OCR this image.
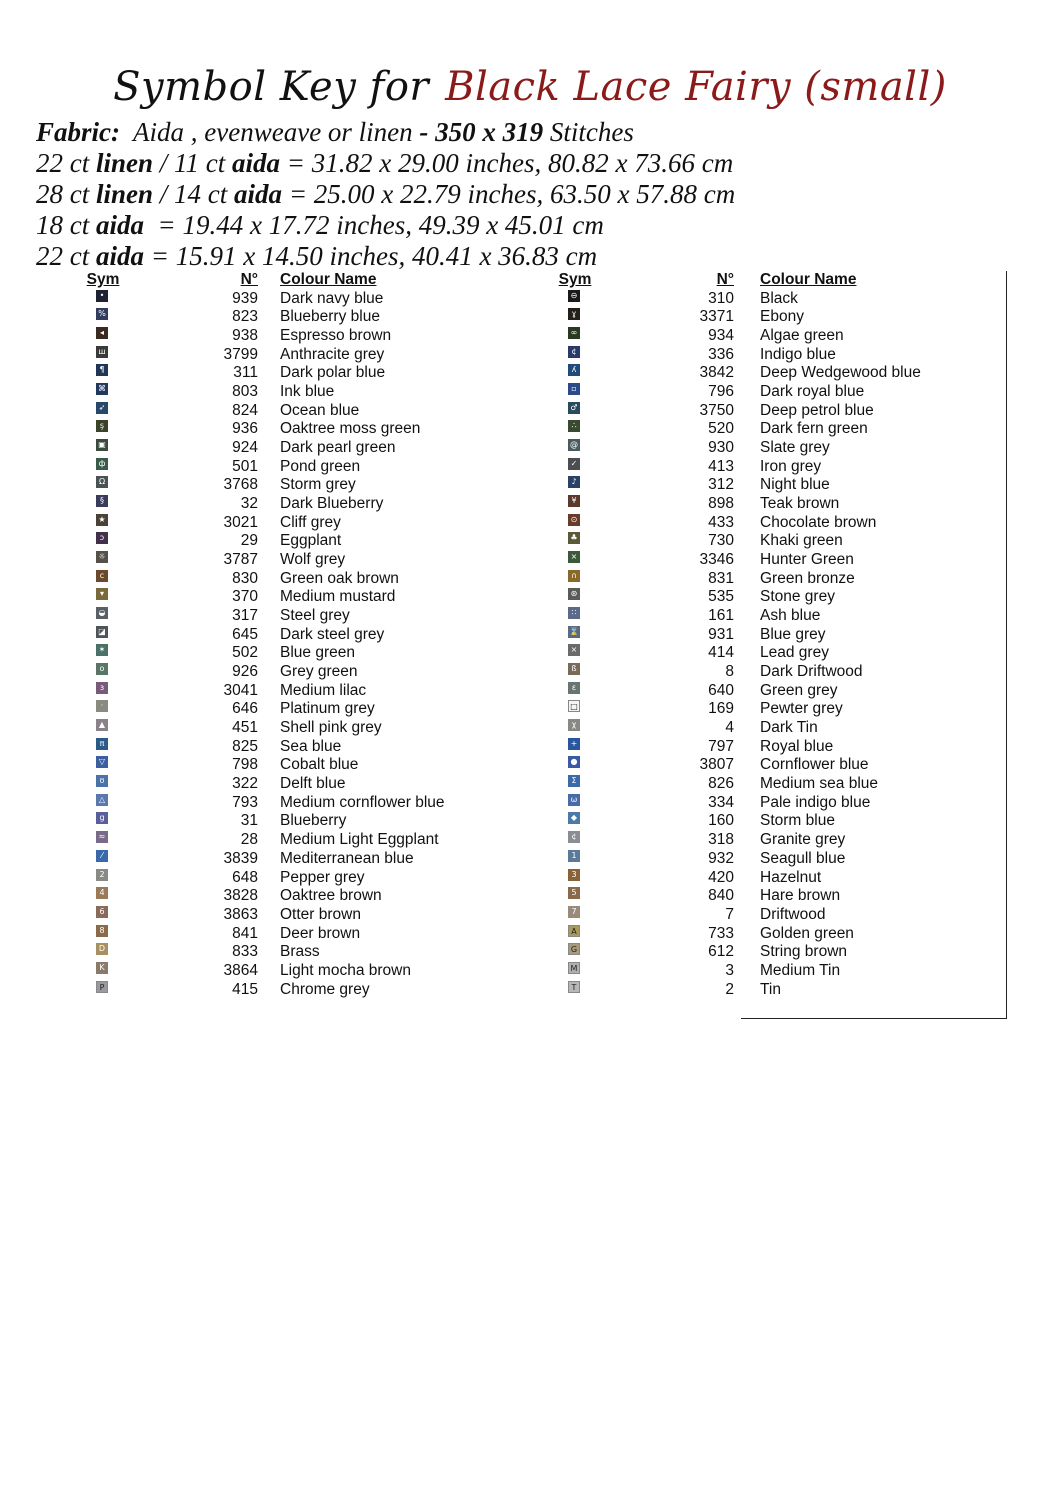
Symbol Key for Black Lace Fairy (small)
Fabric: Aida , evenweave or linen - 350 x 319 Stitches
22 ct linen / 11 ct aida = 31.82 x 29.00 inches, 80.82 x 73.66 cm
28 ct linen / 14 ct aida = 25.00 x 22.79 inches, 63.50 x 57.88 cm
18 ct aida  = 19.44 x 17.72 inches, 49.39 x 45.01 cm
22 ct aida = 15.91 x 14.50 inches, 40.41 x 36.83 cm
Sym	N° Colour Name
•	939 Dark navy blue
%	823 Blueberry blue
◂	938 Espresso brown
ш	3799 Anthracite grey
¶	311 Dark polar blue
⌘	803 Ink blue
➶	824 Ocean blue
ş	936 Oaktree moss green
▣	924 Dark pearl green
ф	501 Pond green
Ω	3768 Storm grey
§	32 Dark Blueberry
★	3021 Cliff grey
ɔ	29 Eggplant
☼	3787 Wolf grey
ϲ	830 Green oak brown
▾	370 Medium mustard
◒	317 Steel grey
◪	645 Dark steel grey
✶	502 Blue green
o	926 Grey green
ɜ	3041 Medium lilac
·	646 Platinum grey
▲	451 Shell pink grey
π	825 Sea blue
▽	798 Cobalt blue
ʊ	322 Delft blue
△	793 Medium cornflower blue
g	31 Blueberry
≈	28 Medium Light Eggplant
⁄	3839 Mediterranean blue
2	648 Pepper grey
4	3828 Oaktree brown
6	3863 Otter brown
8	841 Deer brown
D	833 Brass
K	3864 Light mocha brown
P	415 Chrome grey
Sym	N° Colour Name
⊖	310 Black
ɣ	3371 Ebony
∞	934 Algae green
¢	336 Indigo blue
ʎ	3842 Deep Wedgewood blue
▫	796 Dark royal blue
♂	3750 Deep petrol blue
∴	520 Dark fern green
@	930 Slate grey
✓	413 Iron grey
♪	312 Night blue
¥	898 Teak brown
⊙	433 Chocolate brown
♣	730 Khaki green
×	3346 Hunter Green
∩	831 Green bronze
⊛	535 Stone grey
∷	161 Ash blue
⌛	931 Blue grey
×	414 Lead grey
ß	8 Dark Driftwood
ε	640 Green grey
□	169 Pewter grey
χ	4 Dark Tin
+	797 Royal blue
●	3807 Cornflower blue
Σ	826 Medium sea blue
ω	334 Pale indigo blue
◆	160 Storm blue
¢	318 Granite grey
1	932 Seagull blue
3	420 Hazelnut
5	840 Hare brown
7	7 Driftwood
A	733 Golden green
G	612 String brown
M	3 Medium Tin
T	2 Tin
